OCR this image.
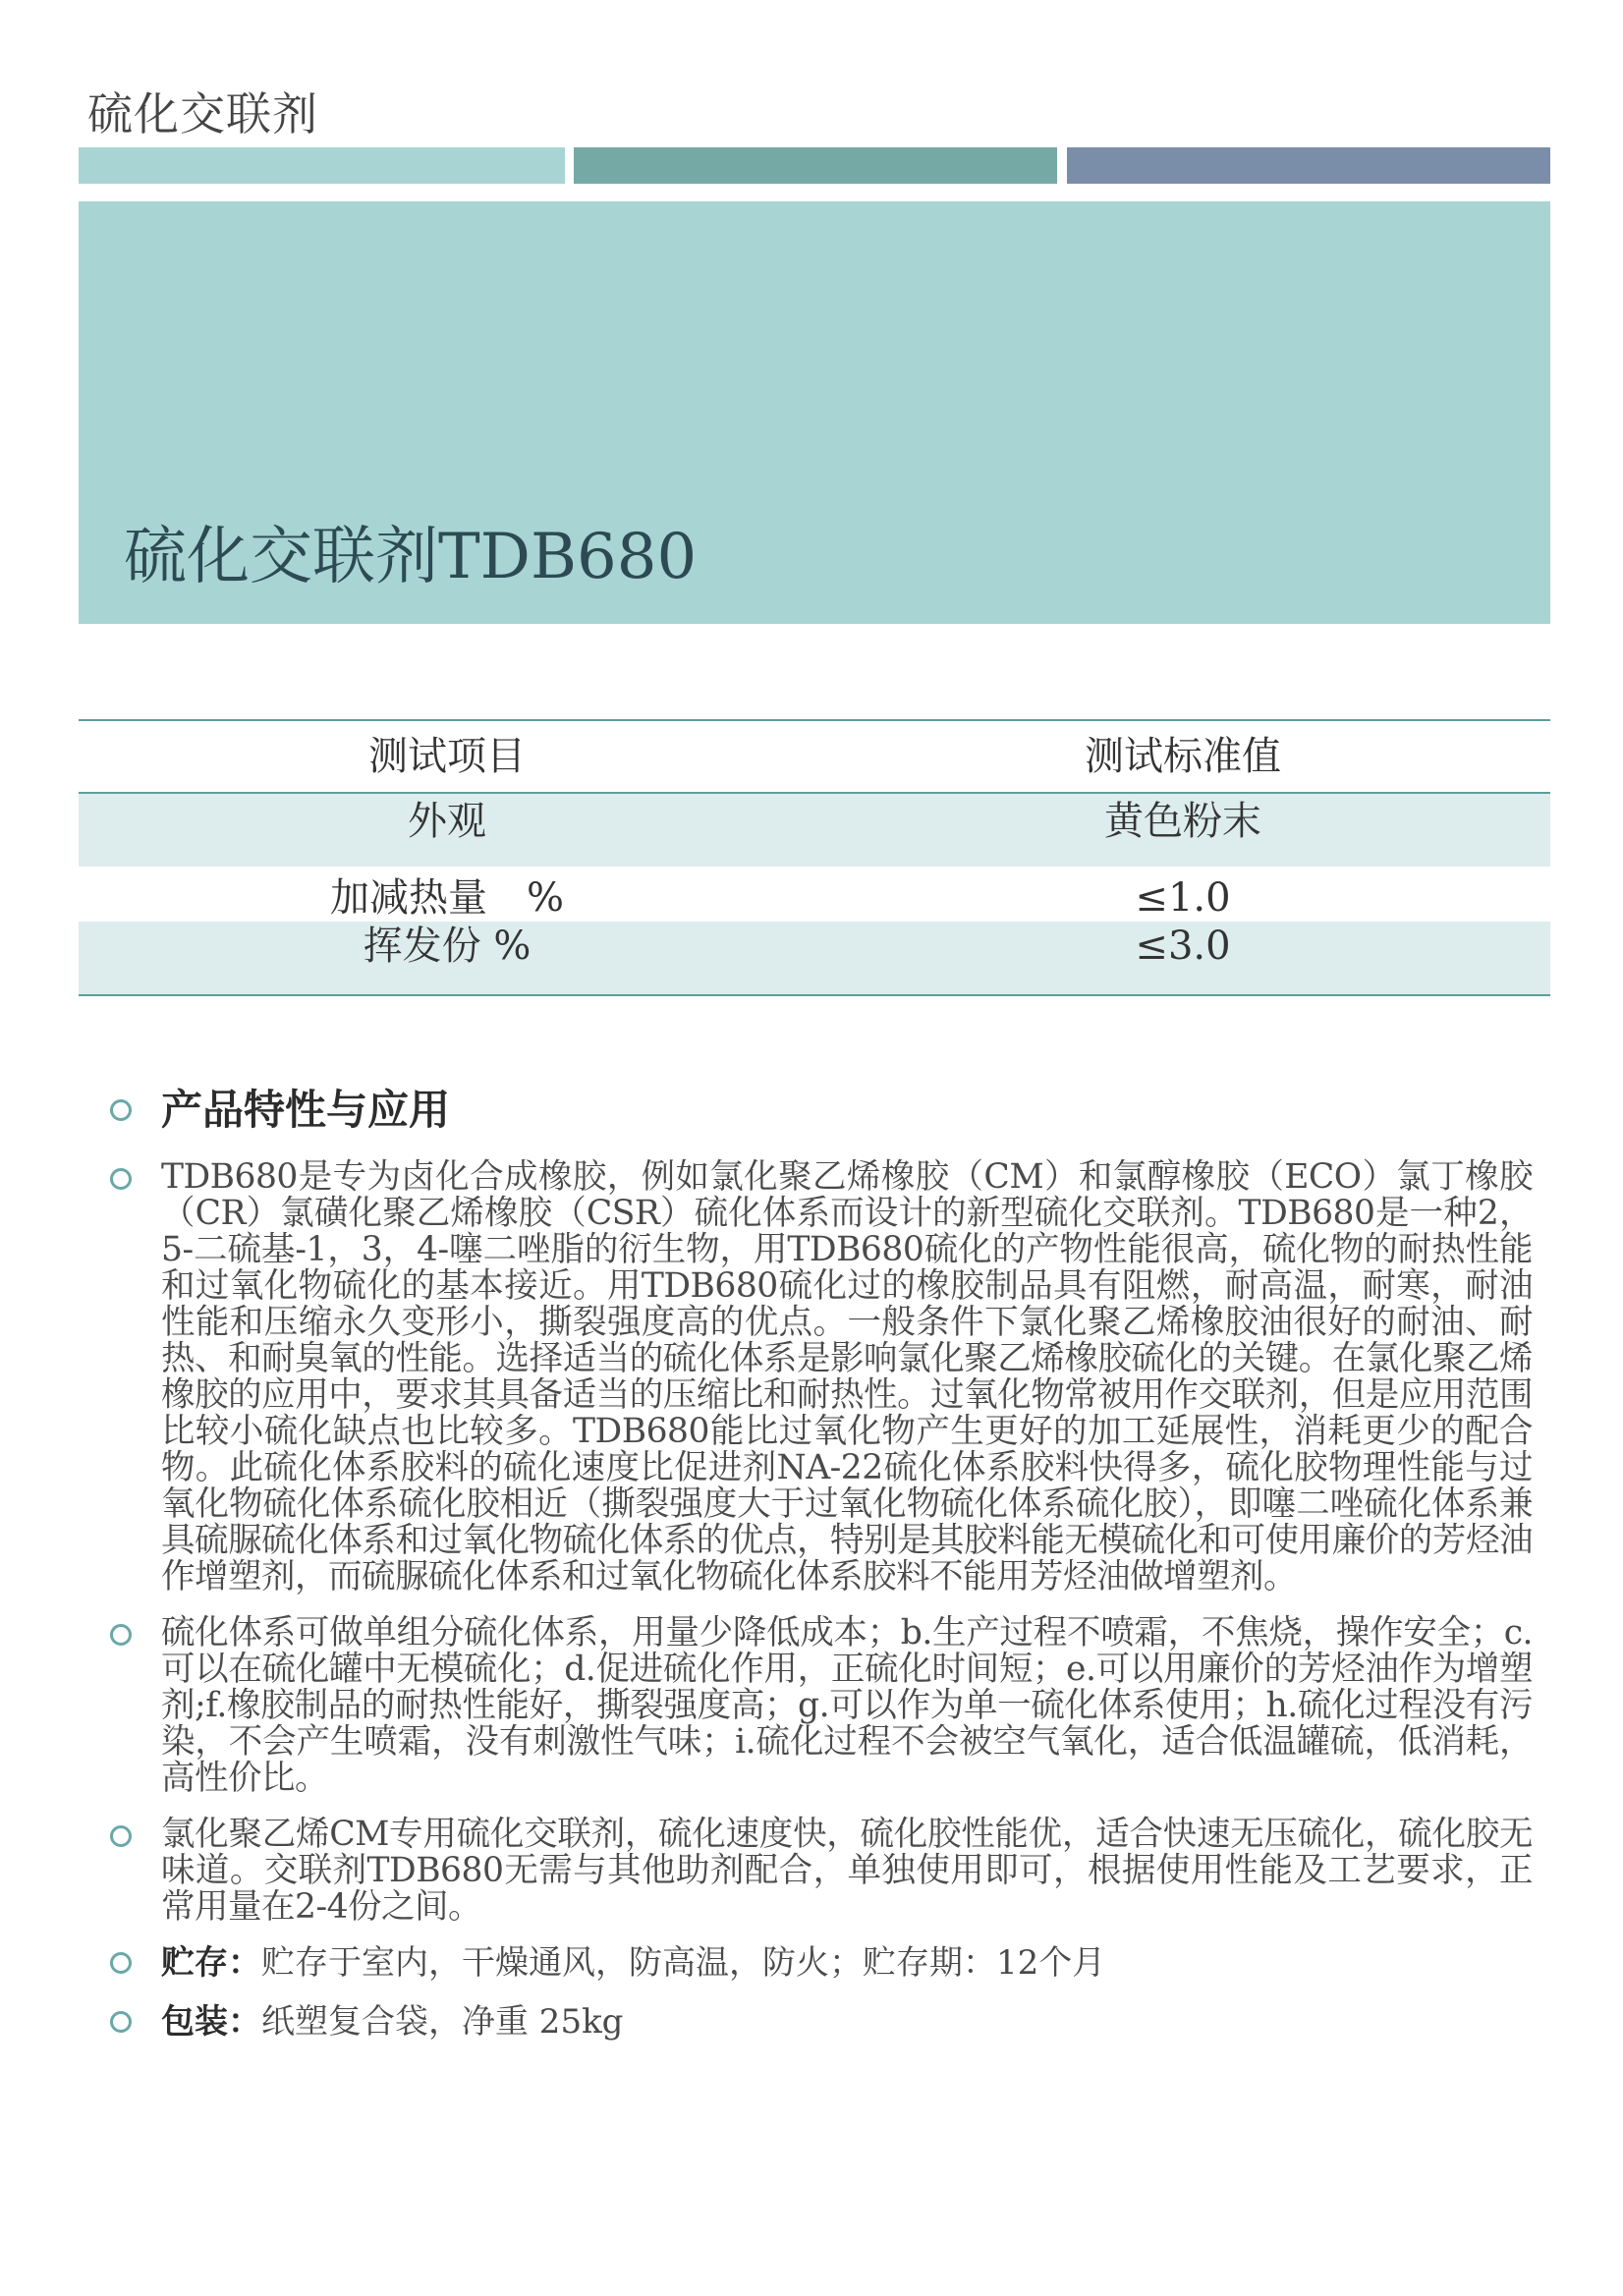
硫化交联剂
硫化交联剂TDB680
测试项目	测试标准值
外观	黄色粉末
加减热量　%	≤1.0
挥发份 %	≤3.0
产品特性与应用
TDB680是专为卤化合成橡胶，例如氯化聚乙烯橡胶（CM）和氯醇橡胶（ECO）氯丁橡胶（CR）氯磺化聚乙烯橡胶（CSR）硫化体系而设计的新型硫化交联剂。TDB680是一种2，5-二硫基-1，3，4-噻二唑脂的衍生物，用TDB680硫化的产物性能很高，硫化物的耐热性能和过氧化物硫化的基本接近。用TDB680硫化过的橡胶制品具有阻燃，耐高温，耐寒，耐油性能和压缩永久变形小，撕裂强度高的优点。一般条件下氯化聚乙烯橡胶油很好的耐油、耐热、和耐臭氧的性能。选择适当的硫化体系是影响氯化聚乙烯橡胶硫化的关键。在氯化聚乙烯橡胶的应用中，要求其具备适当的压缩比和耐热性。过氧化物常被用作交联剂，但是应用范围比较小硫化缺点也比较多。TDB680能比过氧化物产生更好的加工延展性，消耗更少的配合物。此硫化体系胶料的硫化速度比促进剂NA-22硫化体系胶料快得多，硫化胶物理性能与过氧化物硫化体系硫化胶相近（撕裂强度大于过氧化物硫化体系硫化胶），即噻二唑硫化体系兼具硫脲硫化体系和过氧化物硫化体系的优点，特别是其胶料能无模硫化和可使用廉价的芳烃油作增塑剂，而硫脲硫化体系和过氧化物硫化体系胶料不能用芳烃油做增塑剂。
硫化体系可做单组分硫化体系，用量少降低成本；b.生产过程不喷霜，不焦烧，操作安全；c.可以在硫化罐中无模硫化；d.促进硫化作用，正硫化时间短；e.可以用廉价的芳烃油作为增塑剂;f.橡胶制品的耐热性能好，撕裂强度高；g.可以作为单一硫化体系使用；h.硫化过程没有污染，不会产生喷霜，没有刺激性气味；i.硫化过程不会被空气氧化，适合低温罐硫，低消耗，高性价比。
氯化聚乙烯CM专用硫化交联剂，硫化速度快，硫化胶性能优，适合快速无压硫化，硫化胶无味道。交联剂TDB680无需与其他助剂配合，单独使用即可，根据使用性能及工艺要求，正常用量在2-4份之间。
贮存：贮存于室内，干燥通风，防高温，防火；贮存期：12个月
包装：纸塑复合袋，净重 25kg
